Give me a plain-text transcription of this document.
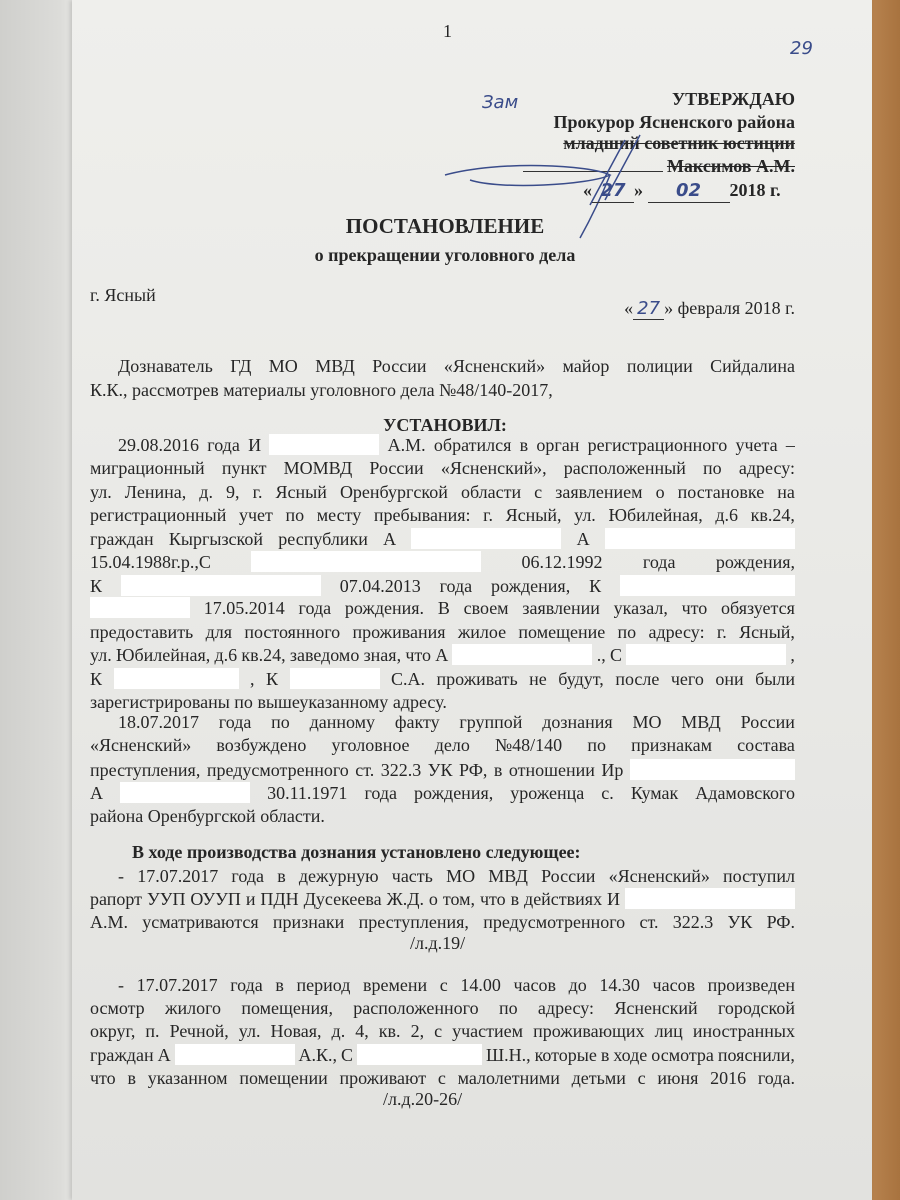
1
29
УТВЕРЖДАЮ
Зам
Прокурор Ясненского района
младший советник юстиции
Максимов А.М.
« 27 » 02 2018 г.
ПОСТАНОВЛЕНИЕ
о прекращении уголовного дела
г. Ясный
« 27 » февраля 2018 г.
Дознаватель ГД МО МВД России «Ясненский» майор полиции Сийдалина
К.К., рассмотрев материалы уголовного дела №48/140-2017,
УСТАНОВИЛ:
29.08.2016 года И	А.М. обратился в орган регистрационного учета –
миграционный пункт МОМВД России «Ясненский», расположенный по адресу:
ул. Ленина, д. 9, г. Ясный Оренбургской области с заявлением о постановке на
регистрационный учет по месту пребывания: г. Ясный, ул. Юбилейная, д.6 кв.24,
граждан Кыргызской республики А	А
15.04.1988г.р.,С	06.12.1992 года рождения,
К	07.04.2013 года рождения, К
17.05.2014 года рождения. В своем заявлении указал, что обязуется
предоставить для постоянного проживания жилое помещение по адресу: г. Ясный,
ул. Юбилейная, д.6 кв.24, заведомо зная, что А	., С	,
К	, К	С.А. проживать не будут, после чего они были
зарегистрированы по вышеуказанному адресу.
18.07.2017 года по данному факту группой дознания МО МВД России
«Ясненский» возбуждено уголовное дело №48/140 по признакам состава
преступления, предусмотренного ст. 322.3 УК РФ, в отношении Ир
А	30.11.1971 года рождения, уроженца с. Кумак Адамовского
района Оренбургской области.
В ходе производства дознания установлено следующее:
- 17.07.2017 года в дежурную часть МО МВД России «Ясненский» поступил
рапорт УУП ОУУП и ПДН Дусекеева Ж.Д. о том, что в действиях И
А.М. усматриваются признаки преступления, предусмотренного ст. 322.3 УК РФ.
/л.д.19/
- 17.07.2017 года в период времени с 14.00 часов до 14.30 часов произведен
осмотр жилого помещения, расположенного по адресу: Ясненский городской
округ, п. Речной, ул. Новая, д. 4, кв. 2, с участием проживающих лиц иностранных
граждан А	А.К., С	Ш.Н., которые в ходе осмотра пояснили,
что в указанном помещении проживают с малолетними детьми с июня 2016 года.
/л.д.20-26/
